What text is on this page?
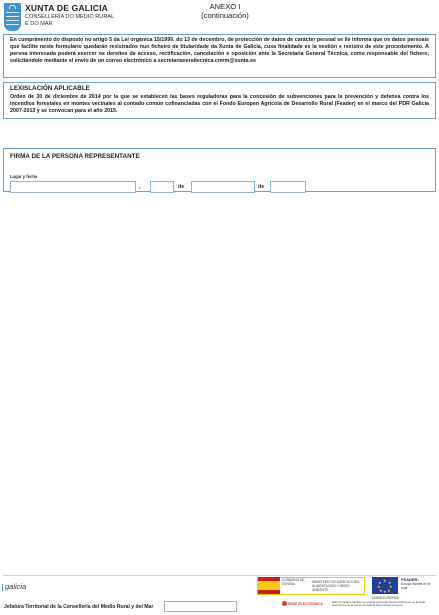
XUNTA DE GALICIA
CONSELLERÍA DO MEDIO RURAL
E DO MAR
ANEXO I
(continuación)

En cumprimento do disposto no artigo 5 da Lei orgánica 15/1999, do 13 de decembro, de protección de datos de carácter persoal se lle informa que os datos persoais que facilite neste formulario quedarán rexistrados nun ficheiro de titularidade da Xunta de Galicia, cuxa finalidade es la xestión e rexistro de este procedemento. A persoa interesada poderá exercer os dereitos de acceso, rectificación, cancelación e oposición ante la Secretaría General Técnica, como responsable del fichero, solicitándolo mediante el envío de un correo electrónico a secretariaxeraltecnica.cmrm@xunta.es

LEXISLACIÓN APLICABLE

Orden de 30 de diciembre de 2014 por la que se establecen las bases reguladoras para la concesión de subvenciones para la prevención y defensa contra los incendios forestales en montes vecinales al contado común cofinanciadas con el Fondo Europeo Agrícola de Desarrollo Rural (Feader) en el marco del PDR Galicia 2007-2013 y se convocan para el año 2015.

FIRMA DE LA PERSONA REPRESENTANTE
Lugar y fecha
,	de	de
galicia
GOBIERNO DE ESPAÑA	MINISTERIO DE AGRICULTURA, ALIMENTACIÓN Y MEDIO AMBIENTE
★ ★
★
★
★
★
★
★
FEADER:
Europa invierte en el rural
UNIÓN EUROPEA
REDE ELECTRÓNICA	Esta formulario también se puede presentar electrónicamente en la sede electrónica de la Xunta de Galicia https://sede.xunta.es
Jefatura Territorial de la Consellería del Medio Rural y del Mar
